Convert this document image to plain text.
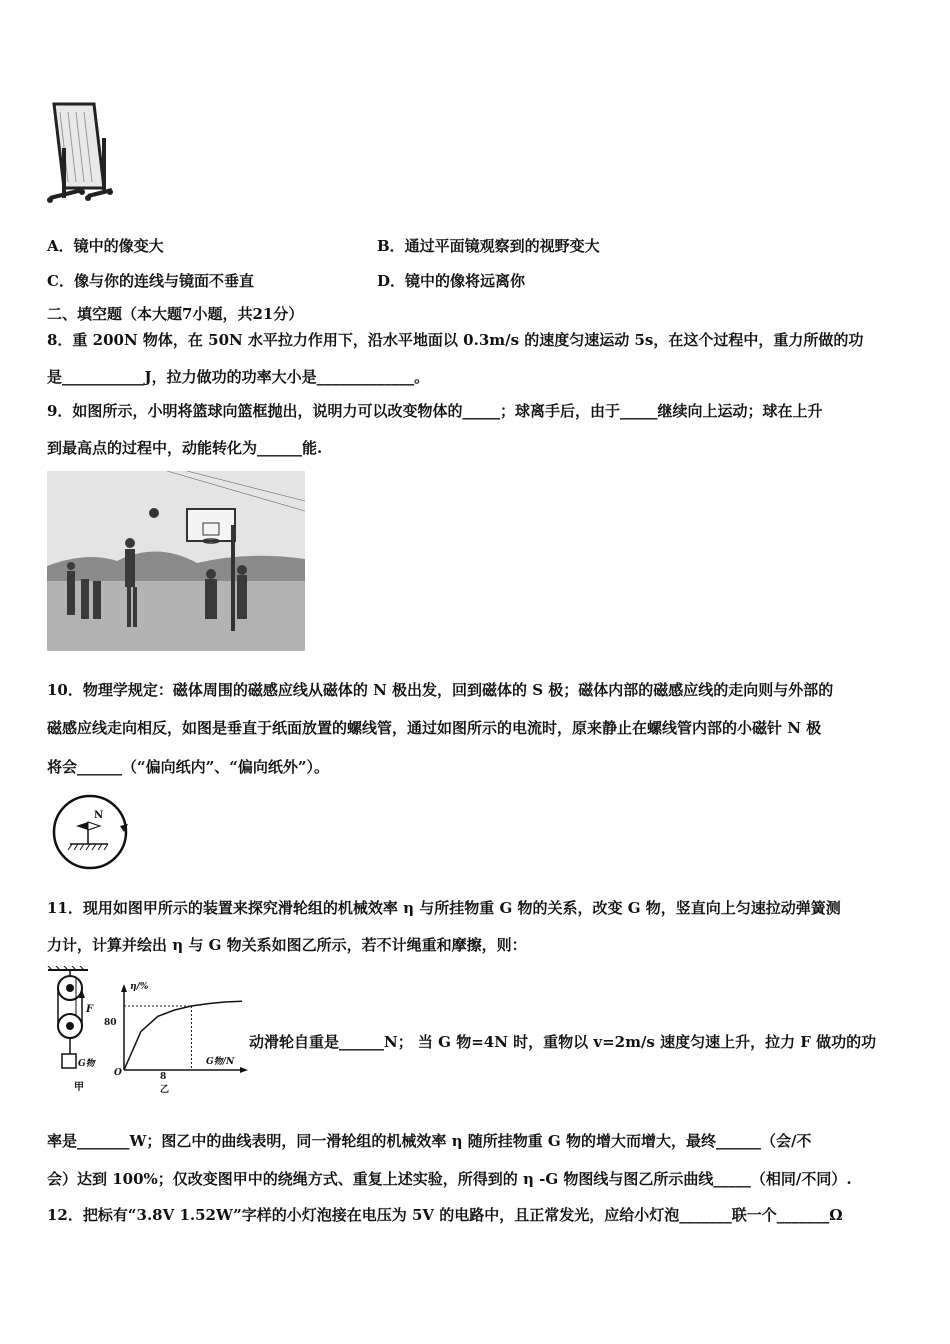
A．镜中的像变大	B．通过平面镜观察到的视野变大
C．像与你的连线与镜面不垂直	D．镜中的像将远离你
二、填空题（本大题7小题，共21分）
8．重 200N 物体，在 50N 水平拉力作用下，沿水平地面以 0.3m/s 的速度匀速运动 5s，在这个过程中，重力所做的功
是___________J，拉力做功的功率大小是_____________。
9．如图所示，小明将篮球向篮框抛出，说明力可以改变物体的_____；球离手后，由于_____继续向上运动；球在上升
到最高点的过程中，动能转化为______能.
10．物理学规定：磁体周围的磁感应线从磁体的 N 极出发，回到磁体的 S 极；磁体内部的磁感应线的走向则与外部的
磁感应线走向相反，如图是垂直于纸面放置的螺线管，通过如图所示的电流时，原来静止在螺线管内部的小磁针 N 极
将会______（“偏向纸内”、“偏向纸外”）。
N
11．现用如图甲所示的装置来探究滑轮组的机械效率 η 与所挂物重 G 物的关系，改变 G 物，竖直向上匀速拉动弹簧测
力计，计算并绘出 η 与 G 物关系如图乙所示，若不计绳重和摩擦，则：
F
G物
甲
η/%
G物/N
80
8
O
乙
动滑轮自重是______N； 当 G 物=4N 时，重物以 v=2m/s 速度匀速上升，拉力 F 做功的功
率是_______W；图乙中的曲线表明，同一滑轮组的机械效率 η 随所挂物重 G 物的增大而增大，最终______（会/不
会）达到 100%；仅改变图甲中的绕绳方式、重复上述实验，所得到的 η -G 物图线与图乙所示曲线_____（相同/不同）.
12．把标有“3.8V 1.52W”字样的小灯泡接在电压为 5V 的电路中，且正常发光，应给小灯泡_______联一个_______Ω
